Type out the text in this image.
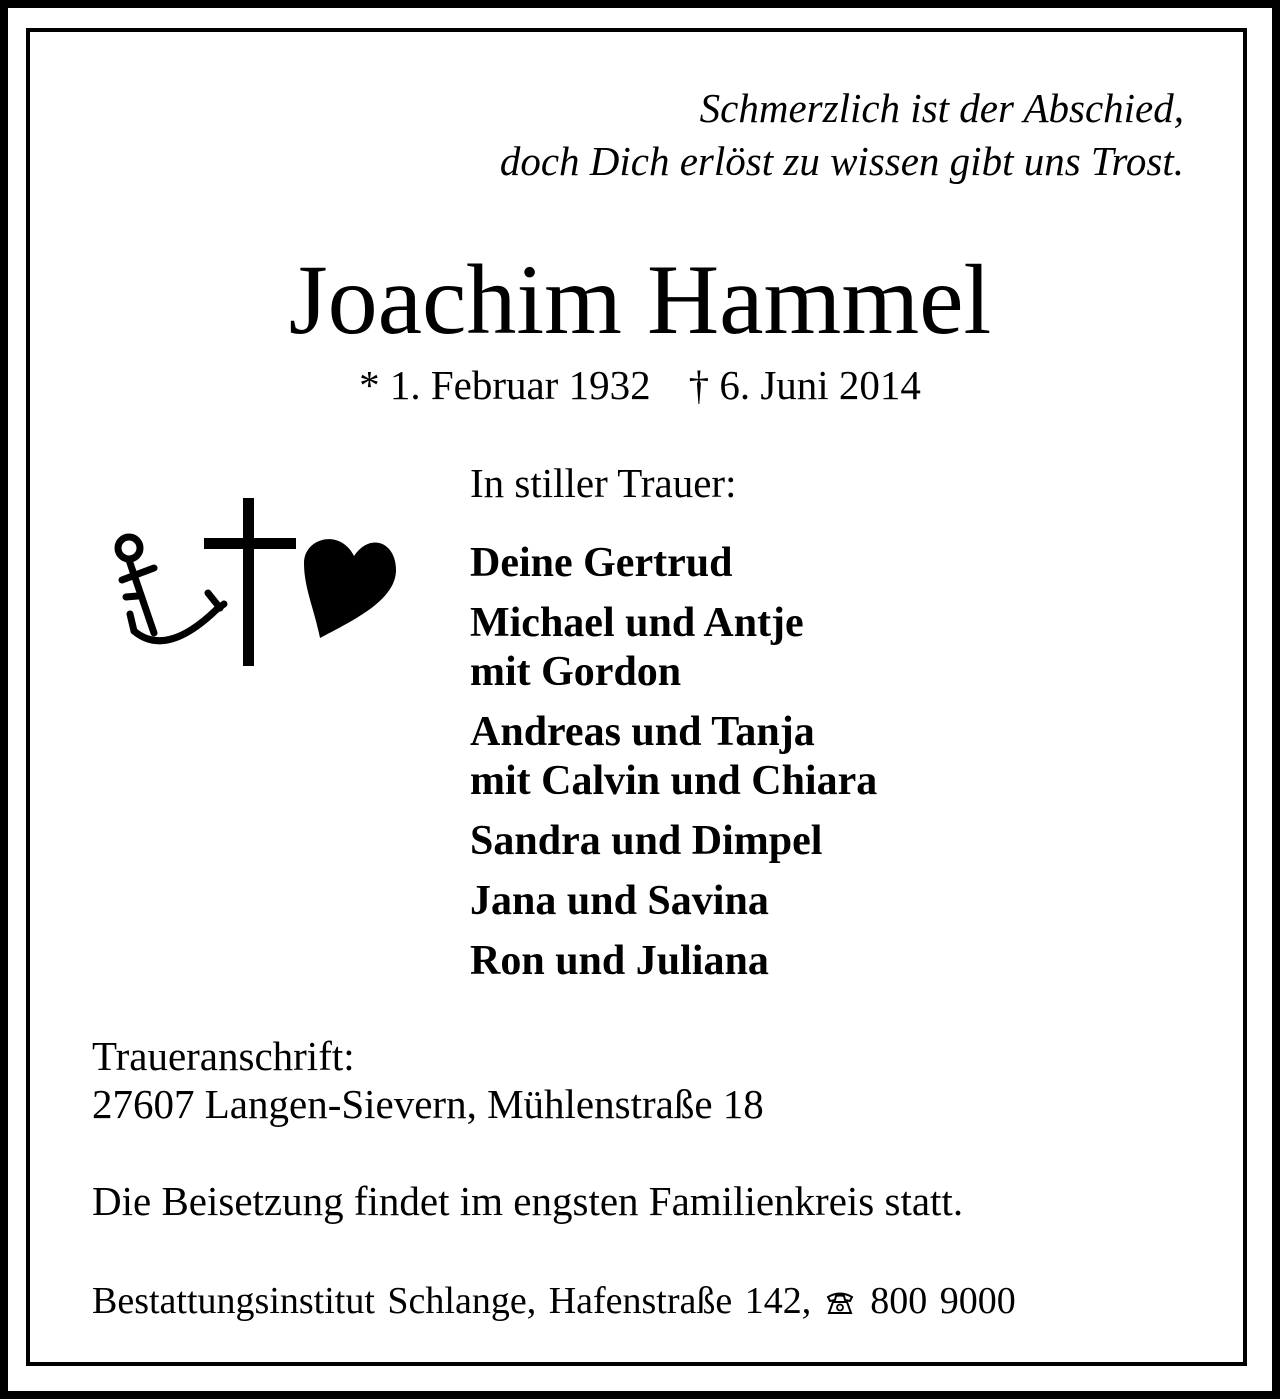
Schmerzlich ist der Abschied,
doch Dich erlöst zu wissen gibt uns Trost.
Joachim Hammel
* 1. Februar 1932 † 6. Juni 2014
In stiller Trauer:
Deine Gertrud
Michael und Antje
mit Gordon
Andreas und Tanja
mit Calvin und Chiara
Sandra und Dimpel
Jana und Savina
Ron und Juliana
Traueranschrift:
27607 Langen-Sievern, Mühlenstraße 18
Die Beisetzung findet im engsten Familienkreis statt.
Bestattungsinstitut Schlange, Hafenstraße 142, 800 9000
